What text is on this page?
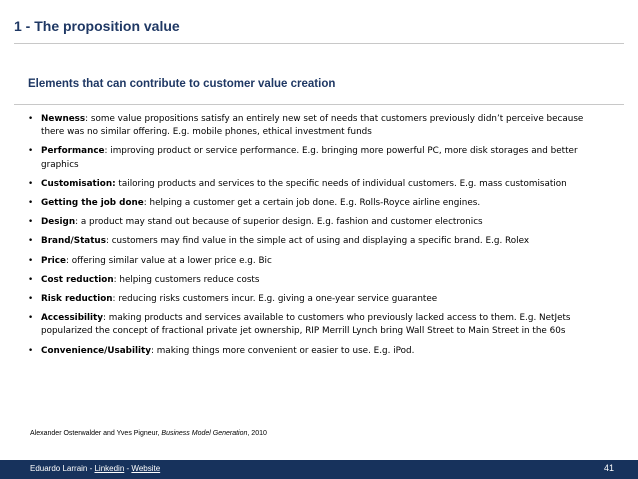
1 - The proposition value
Elements that can contribute to customer value creation
• Newness: some value propositions satisfy an entirely new set of needs that customers previously didn’t perceive because there was no similar offering. E.g. mobile phones, ethical investment funds
• Performance: improving product or service performance. E.g. bringing more powerful PC, more disk storages and better graphics
• Customisation: tailoring products and services to the specific needs of individual customers. E.g. mass customisation
• Getting the job done: helping a customer get a certain job done. E.g. Rolls-Royce airline engines.
• Design: a product may stand out because of superior design. E.g. fashion and customer electronics
• Brand/Status: customers may find value in the simple act of using and displaying a specific brand. E.g. Rolex
• Price: offering similar value at a lower price e.g. Bic
• Cost reduction: helping customers reduce costs
• Risk reduction: reducing risks customers incur. E.g. giving a one-year service guarantee
• Accessibility: making products and services available to customers who previously lacked access to them. E.g. NetJets popularized the concept of fractional private jet ownership, RIP Merrill Lynch bring Wall Street to Main Street in the 60s
• Convenience/Usability: making things more convenient or easier to use. E.g. iPod.
Alexander Osterwalder and Yves Pigneur, Business Model Generation, 2010
Eduardo Larrain - Linkedin - Website	41
